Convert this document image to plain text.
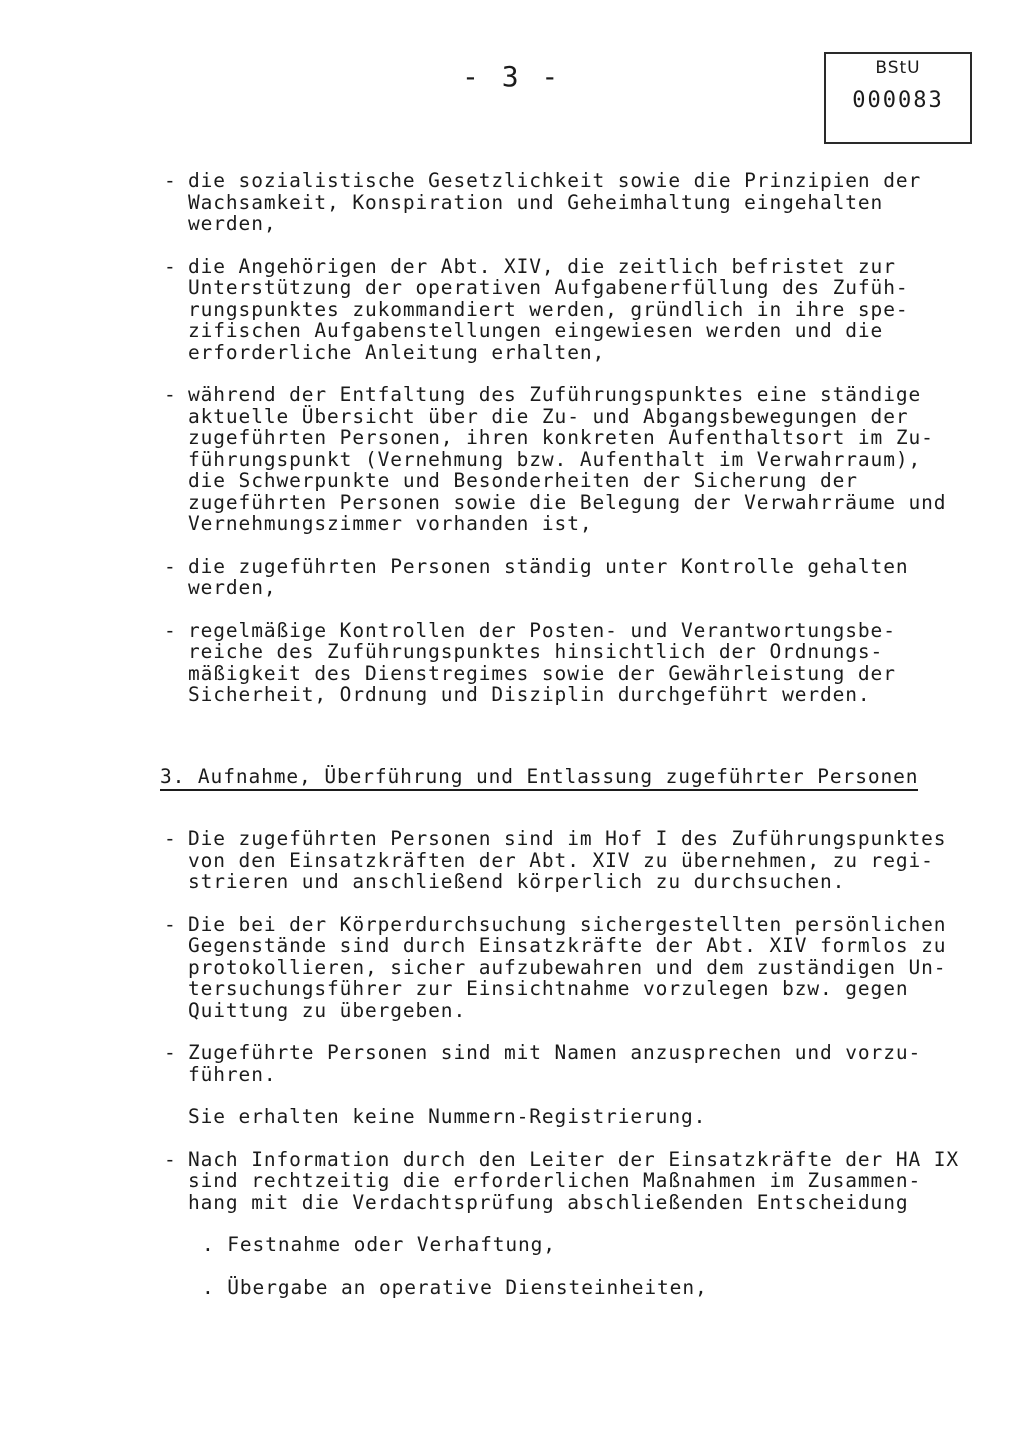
- 3 -	BStU
000083
- die sozialistische Gesetzlichkeit sowie die Prinzipien der
Wachsamkeit, Konspiration und Geheimhaltung eingehalten
werden,
- die Angehörigen der Abt. XIV, die zeitlich befristet zur
Unterstützung der operativen Aufgabenerfüllung des Zufüh-
rungspunktes zukommandiert werden, gründlich in ihre spe-
zifischen Aufgabenstellungen eingewiesen werden und die
erforderliche Anleitung erhalten,
- während der Entfaltung des Zuführungspunktes eine ständige
aktuelle Übersicht über die Zu- und Abgangsbewegungen der
zugeführten Personen, ihren konkreten Aufenthaltsort im Zu-
führungspunkt (Vernehmung bzw. Aufenthalt im Verwahrraum),
die Schwerpunkte und Besonderheiten der Sicherung der
zugeführten Personen sowie die Belegung der Verwahrräume und
Vernehmungszimmer vorhanden ist,
- die zugeführten Personen ständig unter Kontrolle gehalten
werden,
- regelmäßige Kontrollen der Posten- und Verantwortungsbe-
reiche des Zuführungspunktes hinsichtlich der Ordnungs-
mäßigkeit des Dienstregimes sowie der Gewährleistung der
Sicherheit, Ordnung und Disziplin durchgeführt werden.
3. Aufnahme, Überführung und Entlassung zugeführter Personen
- Die zugeführten Personen sind im Hof I des Zuführungspunktes
von den Einsatzkräften der Abt. XIV zu übernehmen, zu regi-
strieren und anschließend körperlich zu durchsuchen.
- Die bei der Körperdurchsuchung sichergestellten persönlichen
Gegenstände sind durch Einsatzkräfte der Abt. XIV formlos zu
protokollieren, sicher aufzubewahren und dem zuständigen Un-
tersuchungsführer zur Einsichtnahme vorzulegen bzw. gegen
Quittung zu übergeben.
- Zugeführte Personen sind mit Namen anzusprechen und vorzu-
führen.
Sie erhalten keine Nummern-Registrierung.
- Nach Information durch den Leiter der Einsatzkräfte der HA IX
sind rechtzeitig die erforderlichen Maßnahmen im Zusammen-
hang mit die Verdachtsprüfung abschließenden Entscheidung
. Festnahme oder Verhaftung,
. Übergabe an operative Diensteinheiten,
